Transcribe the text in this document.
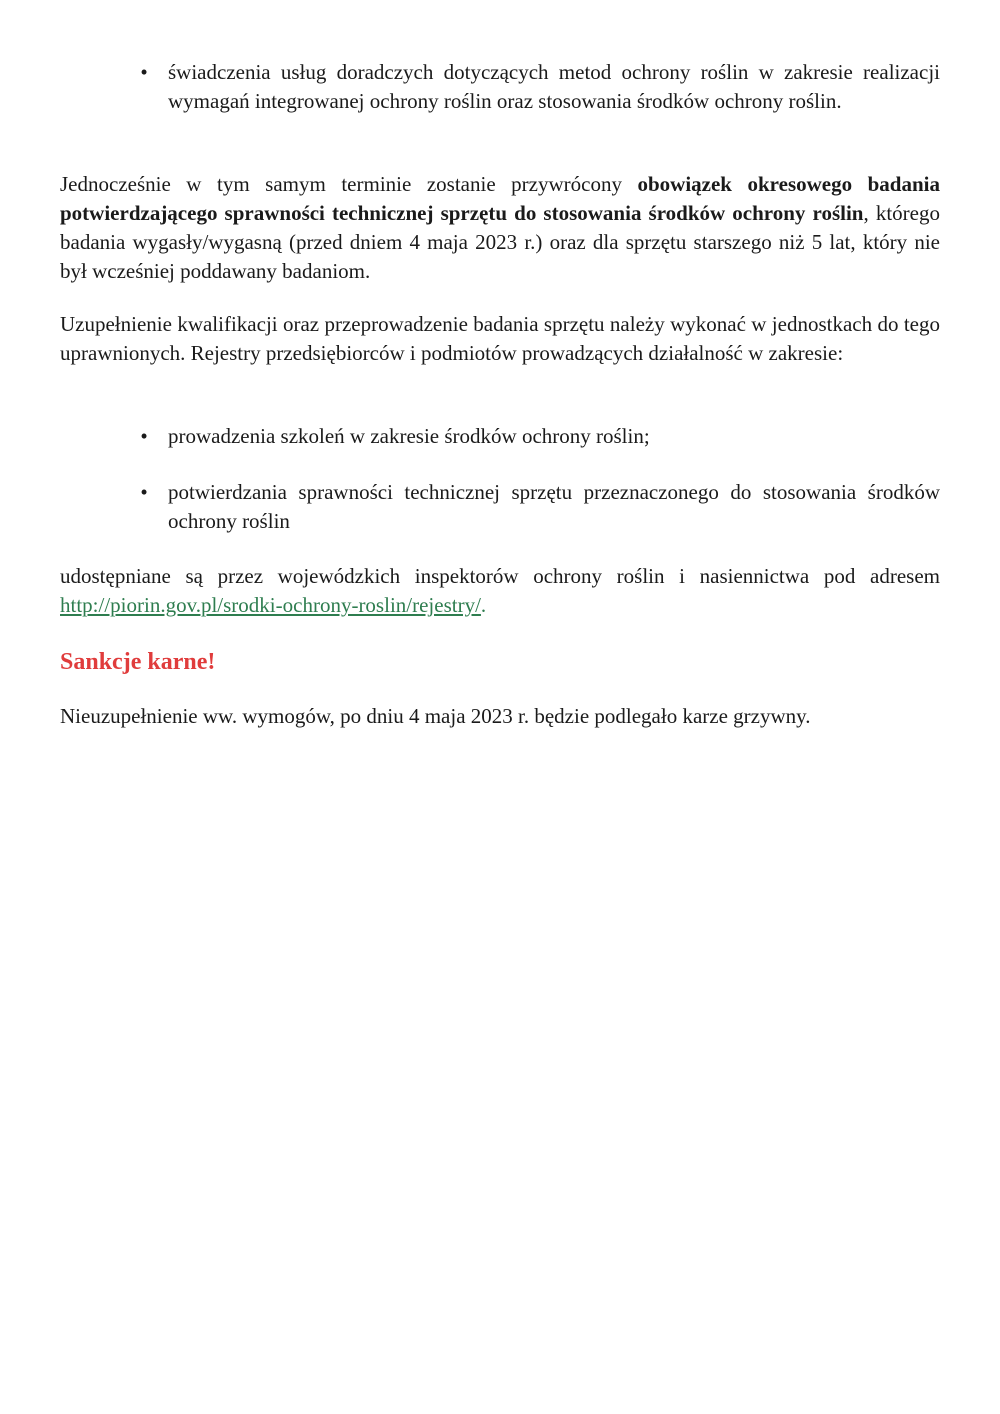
• świadczenia usług doradczych dotyczących metod ochrony roślin w zakresie realizacji wymagań integrowanej ochrony roślin oraz stosowania środków ochrony roślin.

Jednocześnie w tym samym terminie zostanie przywrócony obowiązek okresowego badania potwierdzającego sprawności technicznej sprzętu do stosowania środków ochrony roślin, którego badania wygasły/wygasną (przed dniem 4 maja 2023 r.) oraz dla sprzętu starszego niż 5 lat, który nie był wcześniej poddawany badaniom.

Uzupełnienie kwalifikacji oraz przeprowadzenie badania sprzętu należy wykonać w jednostkach do tego uprawnionych. Rejestry przedsiębiorców i podmiotów prowadzących działalność w zakresie:

• prowadzenia szkoleń w zakresie środków ochrony roślin;
• potwierdzania sprawności technicznej sprzętu przeznaczonego do stosowania środków ochrony roślin

udostępniane są przez wojewódzkich inspektorów ochrony roślin i nasiennictwa pod adresem http://piorin.gov.pl/srodki-ochrony-roslin/rejestry/.

Sankcje karne!

Nieuzupełnienie ww. wymogów, po dniu 4 maja 2023 r. będzie podlegało karze grzywny.
